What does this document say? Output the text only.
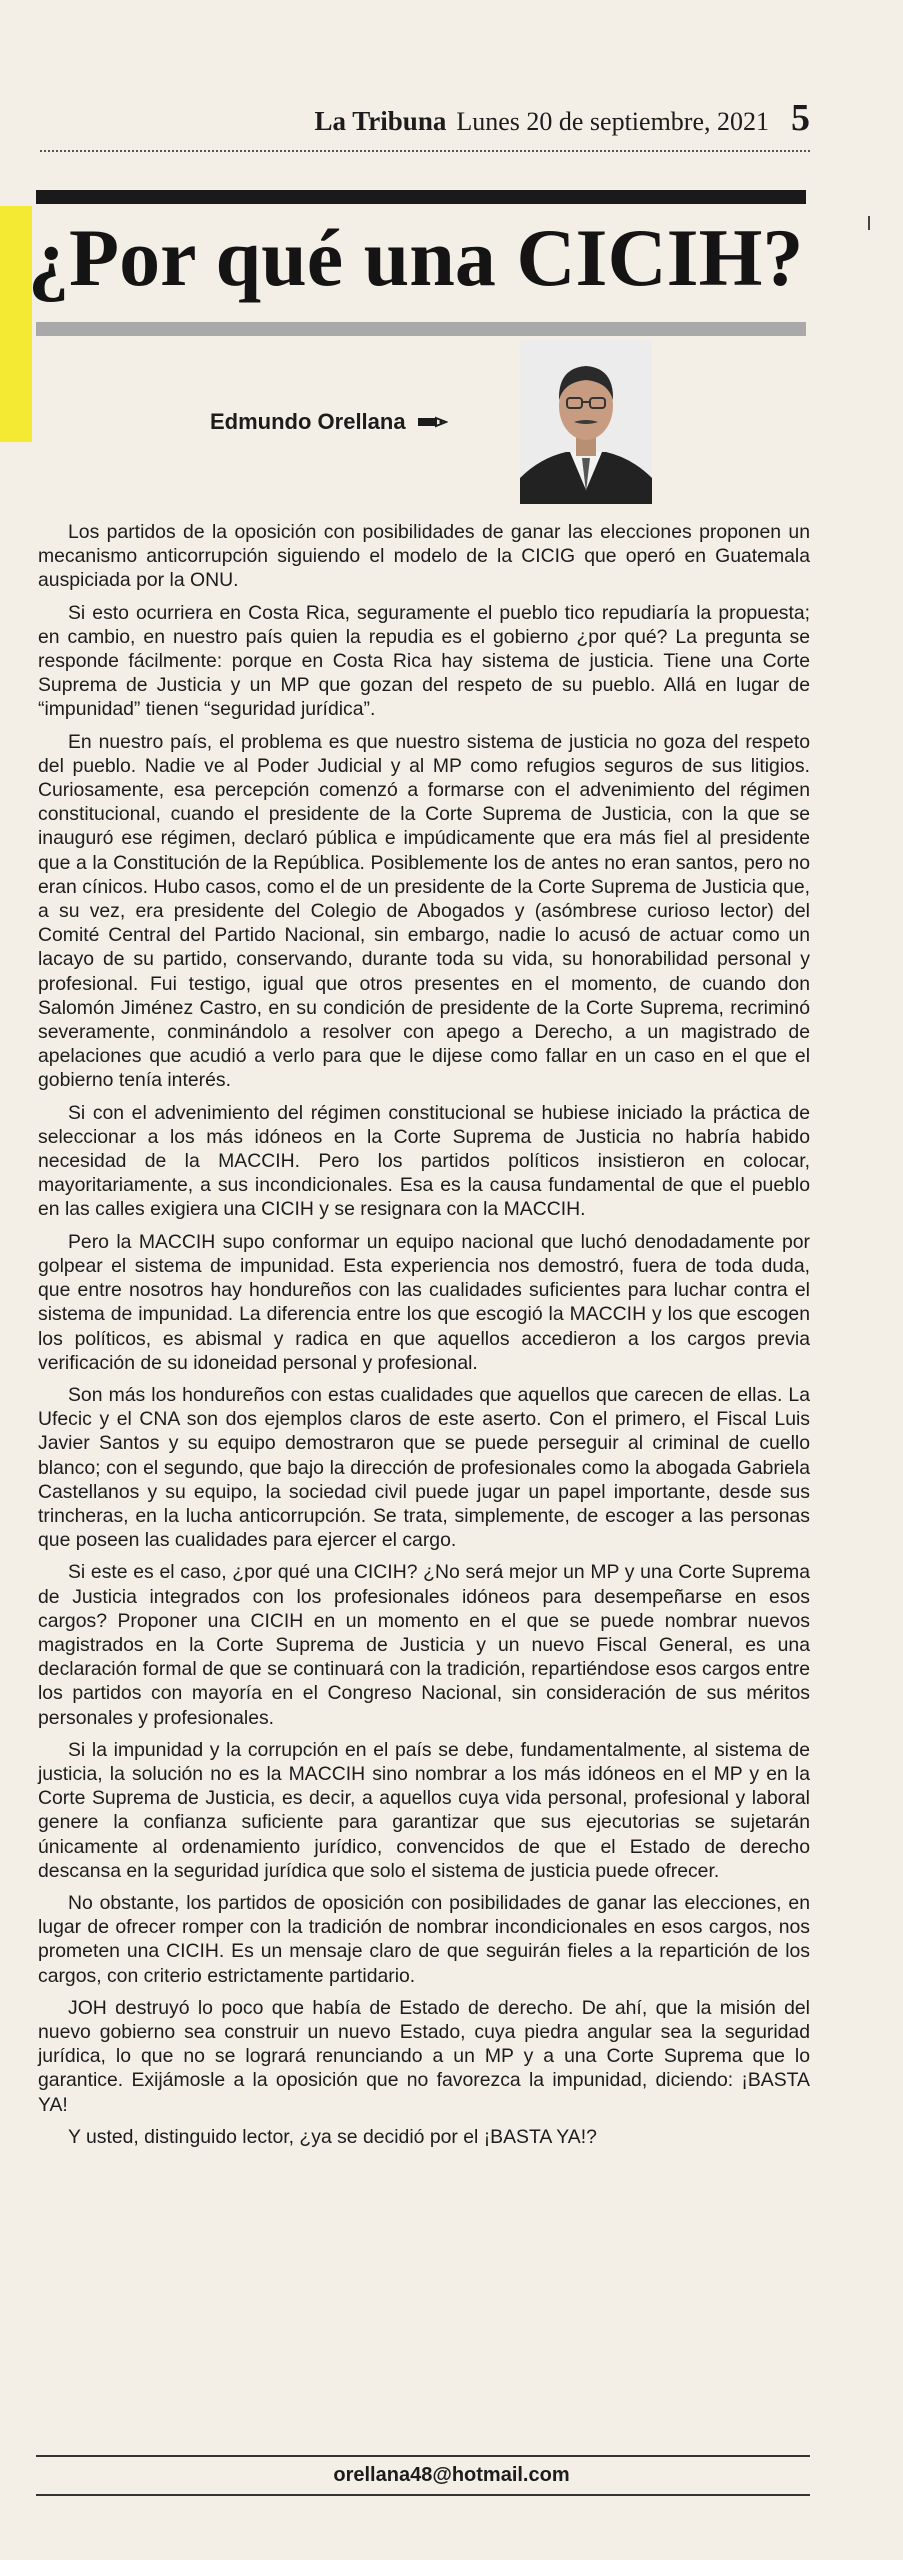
La Tribuna Lunes 20 de septiembre, 2021 5
¿Por qué una CICIH?
Edmundo Orellana

Los partidos de la oposición con posibilidades de ganar las elecciones proponen un mecanismo anticorrupción siguiendo el modelo de la CICIG que operó en Guatemala auspiciada por la ONU.

Si esto ocurriera en Costa Rica, seguramente el pueblo tico repudiaría la propuesta; en cambio, en nuestro país quien la repudia es el gobierno ¿por qué? La pregunta se responde fácilmente: porque en Costa Rica hay sistema de justicia. Tiene una Corte Suprema de Justicia y un MP que gozan del respeto de su pueblo. Allá en lugar de “impunidad” tienen “seguridad jurídica”.

En nuestro país, el problema es que nuestro sistema de justicia no goza del respeto del pueblo. Nadie ve al Poder Judicial y al MP como refugios seguros de sus litigios. Curiosamente, esa percepción comenzó a formarse con el advenimiento del régimen constitucional, cuando el presidente de la Corte Suprema de Justicia, con la que se inauguró ese régimen, declaró pública e impúdicamente que era más fiel al presidente que a la Constitución de la República. Posiblemente los de antes no eran santos, pero no eran cínicos. Hubo casos, como el de un presidente de la Corte Suprema de Justicia que, a su vez, era presidente del Colegio de Abogados y (asómbrese curioso lector) del Comité Central del Partido Nacional, sin embargo, nadie lo acusó de actuar como un lacayo de su partido, conservando, durante toda su vida, su honorabilidad personal y profesional. Fui testigo, igual que otros presentes en el momento, de cuando don Salomón Jiménez Castro, en su condición de presidente de la Corte Suprema, recriminó severamente, conminándolo a resolver con apego a Derecho, a un magistrado de apelaciones que acudió a verlo para que le dijese como fallar en un caso en el que el gobierno tenía interés.

Si con el advenimiento del régimen constitucional se hubiese iniciado la práctica de seleccionar a los más idóneos en la Corte Suprema de Justicia no habría habido necesidad de la MACCIH. Pero los partidos políticos insistieron en colocar, mayoritariamente, a sus incondicionales. Esa es la causa fundamental de que el pueblo en las calles exigiera una CICIH y se resignara con la MACCIH.

Pero la MACCIH supo conformar un equipo nacional que luchó denodadamente por golpear el sistema de impunidad. Esta experiencia nos demostró, fuera de toda duda, que entre nosotros hay hondureños con las cualidades suficientes para luchar contra el sistema de impunidad. La diferencia entre los que escogió la MACCIH y los que escogen los políticos, es abismal y radica en que aquellos accedieron a los cargos previa verificación de su idoneidad personal y profesional.

Son más los hondureños con estas cualidades que aquellos que carecen de ellas. La Ufecic y el CNA son dos ejemplos claros de este aserto. Con el primero, el Fiscal Luis Javier Santos y su equipo demostraron que se puede perseguir al criminal de cuello blanco; con el segundo, que bajo la dirección de profesionales como la abogada Gabriela Castellanos y su equipo, la sociedad civil puede jugar un papel importante, desde sus trincheras, en la lucha anticorrupción. Se trata, simplemente, de escoger a las personas que poseen las cualidades para ejercer el cargo.

Si este es el caso, ¿por qué una CICIH? ¿No será mejor un MP y una Corte Suprema de Justicia integrados con los profesionales idóneos para desempeñarse en esos cargos? Proponer una CICIH en un momento en el que se puede nombrar nuevos magistrados en la Corte Suprema de Justicia y un nuevo Fiscal General, es una declaración formal de que se continuará con la tradición, repartiéndose esos cargos entre los partidos con mayoría en el Congreso Nacional, sin consideración de sus méritos personales y profesionales.

Si la impunidad y la corrupción en el país se debe, fundamentalmente, al sistema de justicia, la solución no es la MACCIH sino nombrar a los más idóneos en el MP y en la Corte Suprema de Justicia, es decir, a aquellos cuya vida personal, profesional y laboral genere la confianza suficiente para garantizar que sus ejecutorias se sujetarán únicamente al ordenamiento jurídico, convencidos de que el Estado de derecho descansa en la seguridad jurídica que solo el sistema de justicia puede ofrecer.

No obstante, los partidos de oposición con posibilidades de ganar las elecciones, en lugar de ofrecer romper con la tradición de nombrar incondicionales en esos cargos, nos prometen una CICIH. Es un mensaje claro de que seguirán fieles a la repartición de los cargos, con criterio estrictamente partidario.

JOH destruyó lo poco que había de Estado de derecho. De ahí, que la misión del nuevo gobierno sea construir un nuevo Estado, cuya piedra angular sea la seguridad jurídica, lo que no se logrará renunciando a un MP y a una Corte Suprema que lo garantice. Exijámosle a la oposición que no favorezca la impunidad, diciendo: ¡BASTA YA!

Y usted, distinguido lector, ¿ya se decidió por el ¡BASTA YA!?

orellana48@hotmail.com
